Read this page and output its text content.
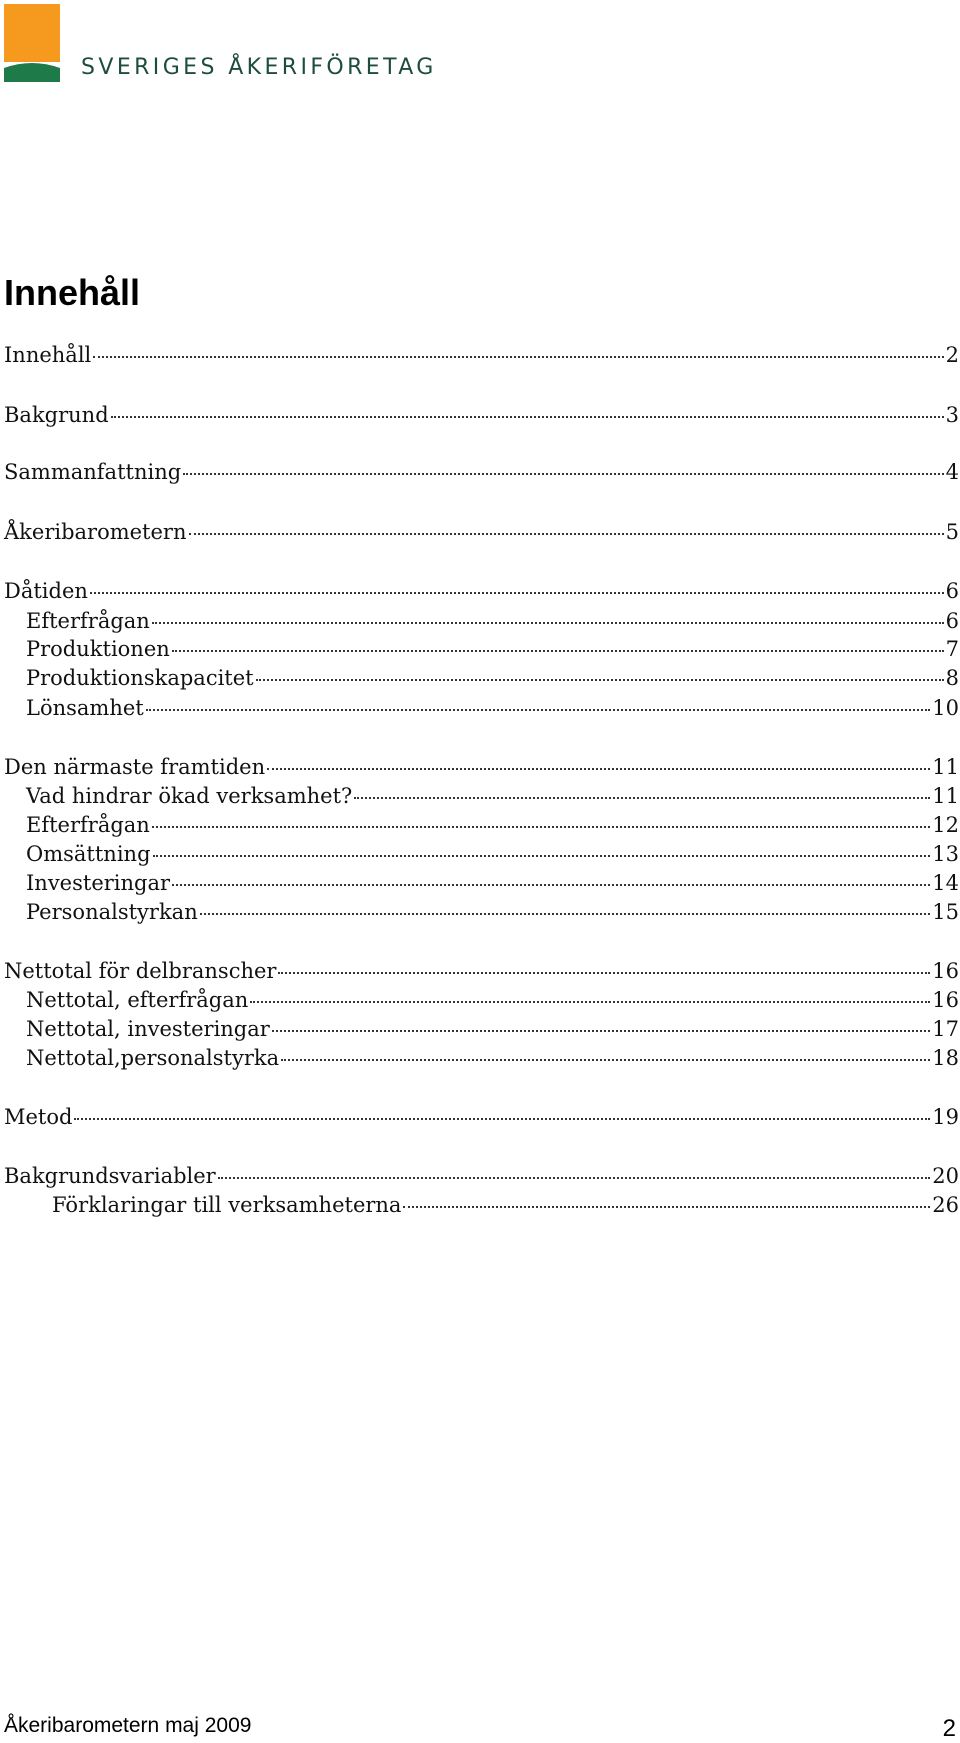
SVERIGES ÅKERIFÖRETAG
Innehåll
Innehåll	2
Bakgrund	3
Sammanfattning	4
Åkeribarometern	5
Dåtiden	6
Efterfrågan	6
Produktionen	7
Produktionskapacitet	8
Lönsamhet	10
Den närmaste framtiden	11
Vad hindrar ökad verksamhet?	11
Efterfrågan	12
Omsättning	13
Investeringar	14
Personalstyrkan	15
Nettotal för delbranscher	16
Nettotal, efterfrågan	16
Nettotal, investeringar	17
Nettotal,personalstyrka	18
Metod	19
Bakgrundsvariabler	20
Förklaringar till verksamheterna	26
Åkeribarometern maj 2009	2
